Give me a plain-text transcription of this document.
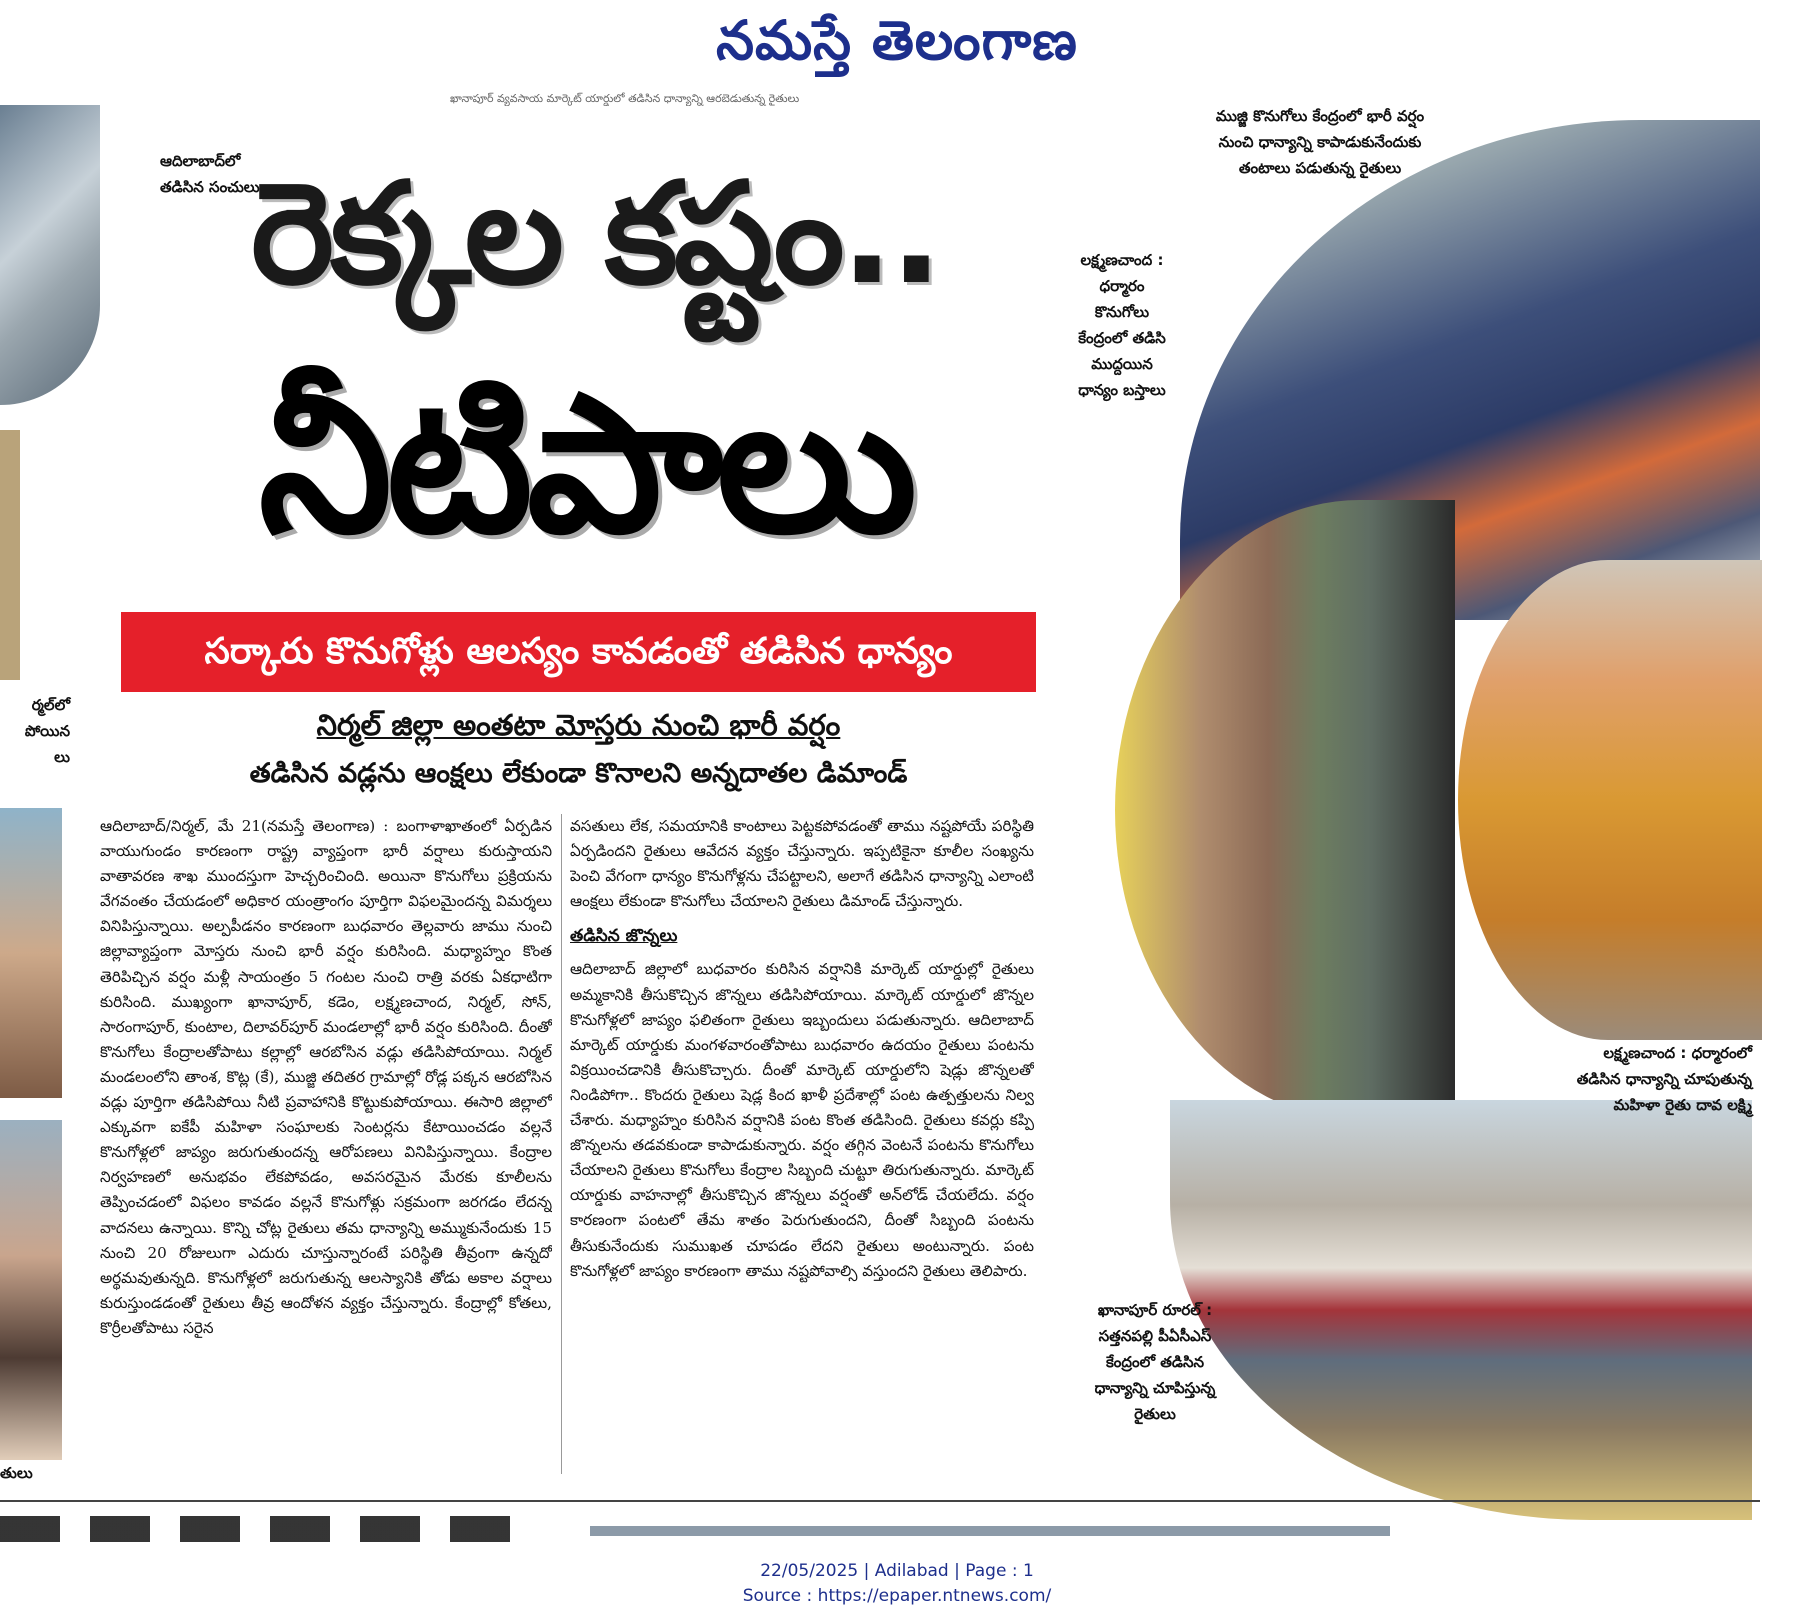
నమస్తే తెలంగాణ
ఖానాపూర్ వ్యవసాయ మార్కెట్ యార్డులో తడిసిన ధాన్యాన్ని ఆరబెడుతున్న రైతులు
ఆదిలాబాద్‌లో
తడిసిన సంచులు
ర్మల్‌లో
పోయిన
లు
తులు
రెక్కల కష్టం..
నీటిపాలు
సర్కారు కొనుగోళ్లు ఆలస్యం కావడంతో తడిసిన ధాన్యం
నిర్మల్ జిల్లా అంతటా మోస్తరు నుంచి భారీ వర్షం
తడిసిన వడ్లను ఆంక్షలు లేకుండా కొనాలని అన్నదాతల డిమాండ్
ఆదిలాబాద్/నిర్మల్, మే 21(నమస్తే తెలంగాణ) : బంగాళాఖాతంలో ఏర్పడిన వాయుగుండం కారణంగా రాష్ట్ర వ్యాప్తంగా భారీ వర్షాలు కురుస్తాయని వాతావరణ శాఖ ముందస్తుగా హెచ్చరించింది. అయినా కొనుగోలు ప్రక్రియను వేగవంతం చేయడంలో అధికార యంత్రాంగం పూర్తిగా విఫలమైందన్న విమర్శలు వినిపిస్తున్నాయి. అల్పపీడనం కారణంగా బుధవారం తెల్లవారు జాము నుంచి జిల్లావ్యాప్తంగా మోస్తరు నుంచి భారీ వర్షం కురిసింది. మధ్యాహ్నం కొంత తెరిపిచ్చిన వర్షం మళ్లీ సాయంత్రం 5 గంటల నుంచి రాత్రి వరకు ఏకధాటిగా కురిసింది. ముఖ్యంగా ఖానాపూర్, కడెం, లక్ష్మణచాంద, నిర్మల్, సోన్, సారంగాపూర్, కుంటాల, దిలావర్‌పూర్ మండలాల్లో భారీ వర్షం కురిసింది. దీంతో కొనుగోలు కేంద్రాలతోపాటు కల్లాల్లో ఆరబోసిన వడ్లు తడిసిపోయాయి. నిర్మల్ మండలంలోని తాంశ, కొట్ల (కే), ముజ్జి తదితర గ్రామాల్లో రోడ్ల పక్కన ఆరబోసిన వడ్లు పూర్తిగా తడిసిపోయి నీటి ప్రవాహానికి కొట్టుకుపోయాయి. ఈసారి జిల్లాలో ఎక్కువగా ఐకేపీ మహిళా సంఘాలకు సెంటర్లను కేటాయించడం వల్లనే కొనుగోళ్లలో జాప్యం జరుగుతుందన్న ఆరోపణలు వినిపిస్తున్నాయి. కేంద్రాల నిర్వహణలో అనుభవం లేకపోవడం, అవసరమైన మేరకు కూలీలను తెప్పించడంలో విఫలం కావడం వల్లనే కొనుగోళ్లు సక్రమంగా జరగడం లేదన్న వాదనలు ఉన్నాయి. కొన్ని చోట్ల రైతులు తమ ధాన్యాన్ని అమ్ముకునేందుకు 15 నుంచి 20 రోజులుగా ఎదురు చూస్తున్నారంటే పరిస్థితి తీవ్రంగా ఉన్నదో అర్థమవుతున్నది. కొనుగోళ్లలో జరుగుతున్న ఆలస్యానికి తోడు అకాల వర్షాలు కురుస్తుండడంతో రైతులు తీవ్ర ఆందోళన వ్యక్తం చేస్తున్నారు. కేంద్రాల్లో కోతలు, కొర్రీలతోపాటు సరైన
వసతులు లేక, సమయానికి కాంటాలు పెట్టకపోవడంతో తాము నష్టపోయే పరిస్థితి ఏర్పడిందని రైతులు ఆవేదన వ్యక్తం చేస్తున్నారు. ఇప్పటికైనా కూలీల సంఖ్యను పెంచి వేగంగా ధాన్యం కొనుగోళ్లను చేపట్టాలని, అలాగే తడిసిన ధాన్యాన్ని ఎలాంటి ఆంక్షలు లేకుండా కొనుగోలు చేయాలని రైతులు డిమాండ్ చేస్తున్నారు.
తడిసిన జొన్నలు
ఆదిలాబాద్ జిల్లాలో బుధవారం కురిసిన వర్షానికి మార్కెట్ యార్డుల్లో రైతులు అమ్మకానికి తీసుకొచ్చిన జొన్నలు తడిసిపోయాయి. మార్కెట్ యార్డులో జొన్నల కొనుగోళ్లలో జాప్యం ఫలితంగా రైతులు ఇబ్బందులు పడుతున్నారు. ఆదిలాబాద్ మార్కెట్ యార్డుకు మంగళవారంతోపాటు బుధవారం ఉదయం రైతులు పంటను విక్రయించడానికి తీసుకొచ్చారు. దీంతో మార్కెట్ యార్డులోని షెడ్లు జొన్నలతో నిండిపోగా.. కొందరు రైతులు షెడ్ల కింద ఖాళీ ప్రదేశాల్లో పంట ఉత్పత్తులను నిల్వ చేశారు. మధ్యాహ్నం కురిసిన వర్షానికి పంట కొంత తడిసింది. రైతులు కవర్లు కప్పి జొన్నలను తడవకుండా కాపాడుకున్నారు. వర్షం తగ్గిన వెంటనే పంటను కొనుగోలు చేయాలని రైతులు కొనుగోలు కేంద్రాల సిబ్బంది చుట్టూ తిరుగుతున్నారు. మార్కెట్ యార్డుకు వాహనాల్లో తీసుకొచ్చిన జొన్నలు వర్షంతో అన్‌లోడ్ చేయలేదు. వర్షం కారణంగా పంటలో తేమ శాతం పెరుగుతుందని, దీంతో సిబ్బంది పంటను తీసుకునేందుకు సుముఖత చూపడం లేదని రైతులు అంటున్నారు. పంట కొనుగోళ్లలో జాప్యం కారణంగా తాము నష్టపోవాల్సి వస్తుందని రైతులు తెలిపారు.
ముజ్జి కొనుగోలు కేంద్రంలో భారీ వర్షం
నుంచి ధాన్యాన్ని కాపాడుకునేందుకు
తంటాలు పడుతున్న రైతులు
లక్ష్మణచాంద :
ధర్మారం
కొనుగోలు
కేంద్రంలో తడిసి
ముద్దయిన
ధాన్యం బస్తాలు
లక్ష్మణచాంద : ధర్మారంలో
తడిసిన ధాన్యాన్ని చూపుతున్న
మహిళా రైతు దావ లక్ష్మి
ఖానాపూర్ రూరల్ :
సత్తనపల్లి పీఏసీఎస్
కేంద్రంలో తడిసిన
ధాన్యాన్ని చూపిస్తున్న
రైతులు
22/05/2025 | Adilabad | Page : 1
Source : https://epaper.ntnews.com/
